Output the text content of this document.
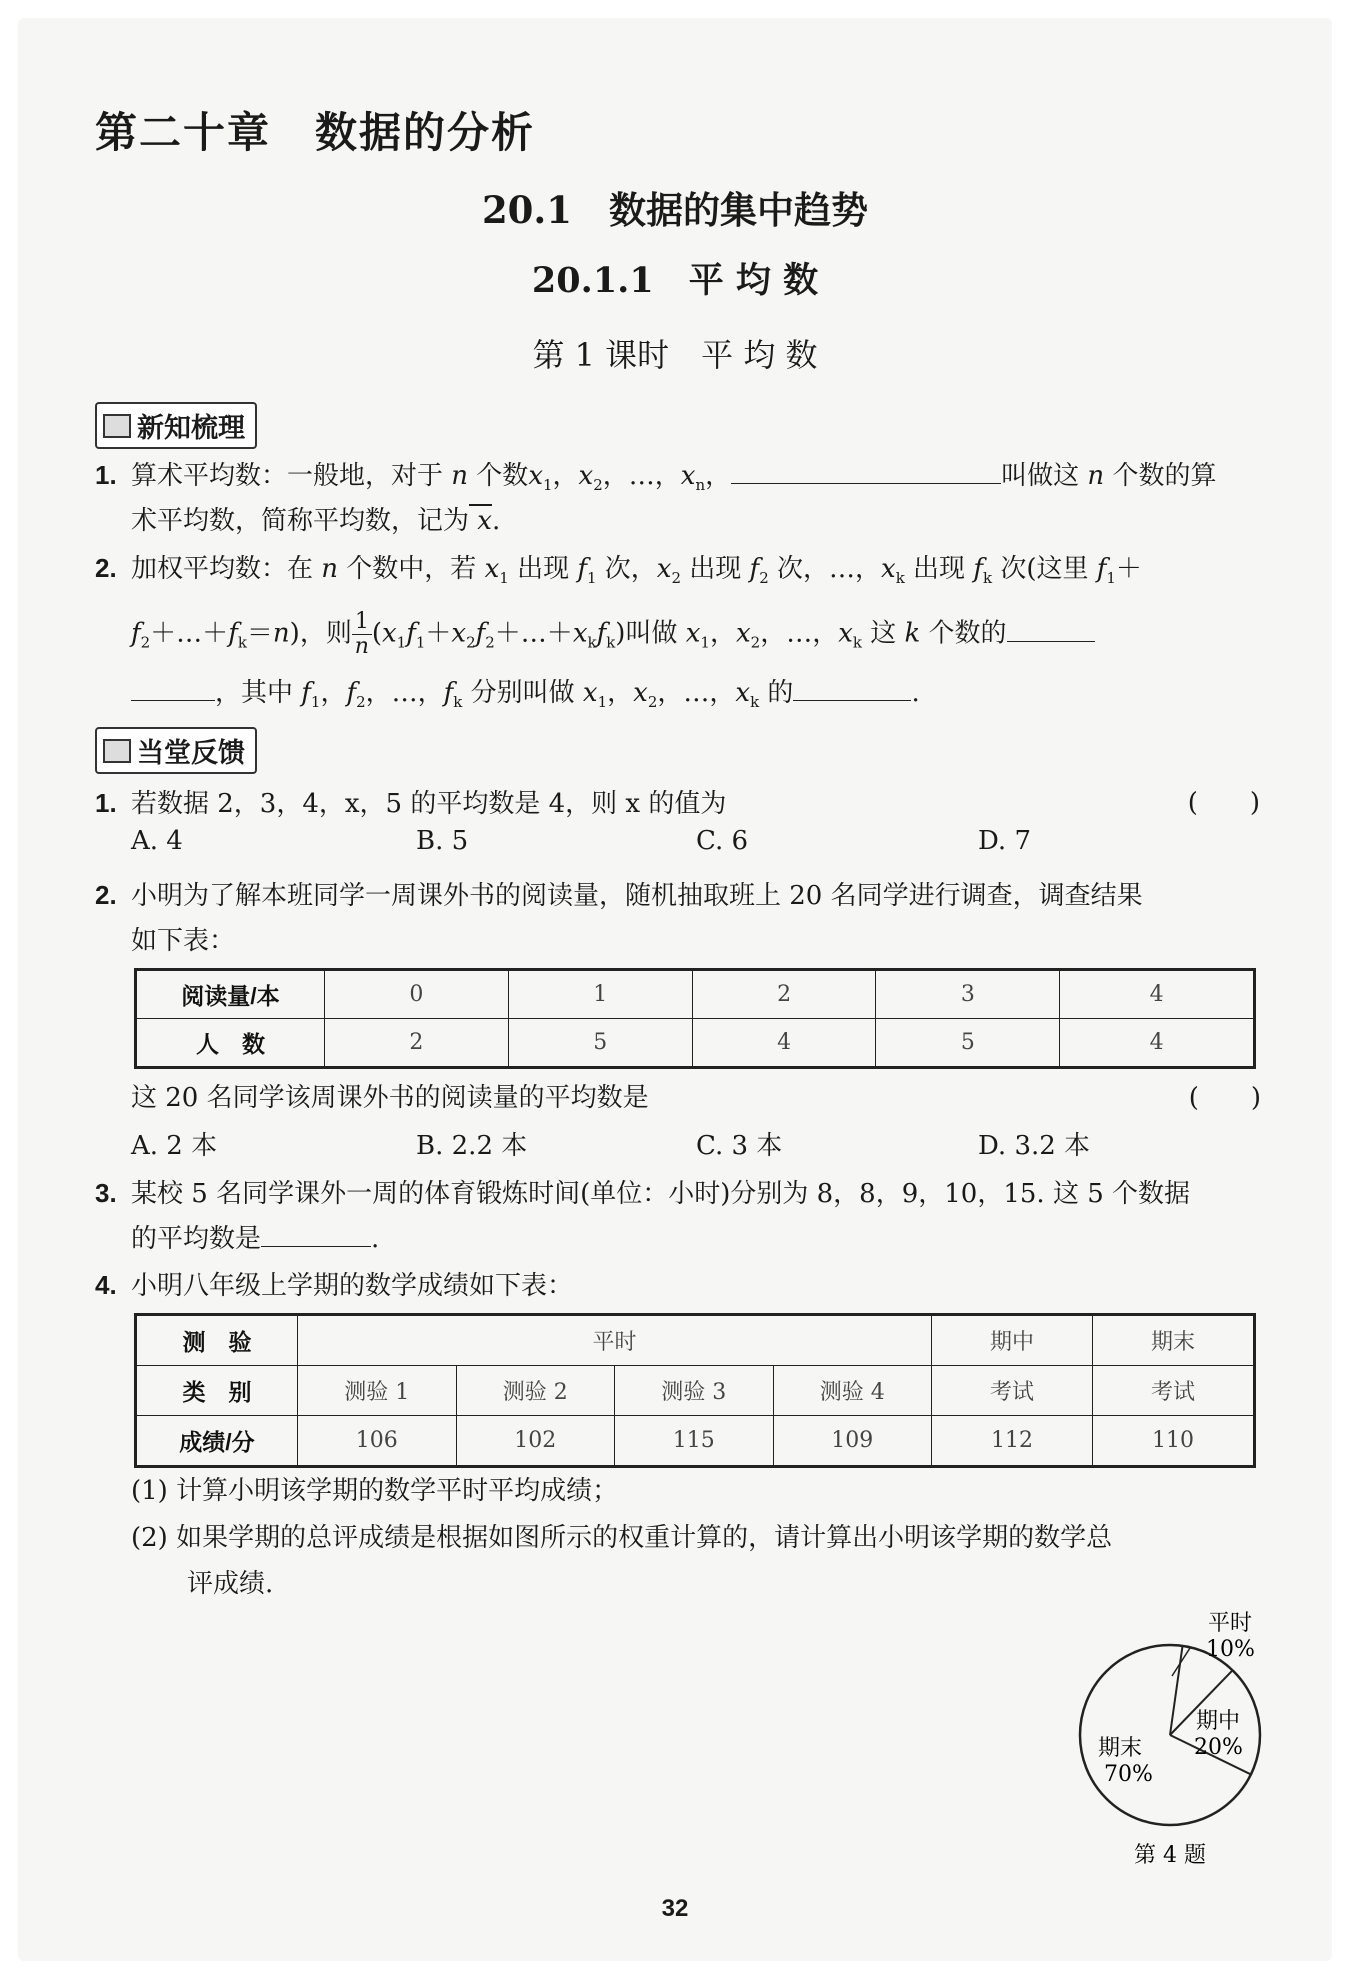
第二十章　数据的分析
20.1　数据的集中趋势
20.1.1　平 均 数
第 1 课时　平 均 数
新知梳理
1. 算术平均数：一般地，对于 n 个数$x_1$，$x_2$，…，$x_n$，	叫做这 n 个数的算
术平均数，简称平均数，记为 x.
2. 加权平均数：在 n 个数中，若 $x_1$ 出现 $f_1$ 次，$x_2$ 出现 $f_2$ 次，…，$x_k$ 出现 $f_k$ 次(这里 $f_1+$
$f_2+\dots+f_k=n$)，则 $\frac{1}{n}$ $(x_1f_1+x_2f_2+\dots+x_kf_k)$叫做 $x_1$，$x_2$，…，$x_k$ 这 k 个数的
，其中 $f_1$，$f_2$，…，$f_k$ 分别叫做 $x_1$，$x_2$，…，$x_k$ 的	.
当堂反馈
1. 若数据 2，3，4，x，5 的平均数是 4，则 x 的值为	(　　)
A. 4	B. 5	C. 6	D. 7
2. 小明为了解本班同学一周课外书的阅读量，随机抽取班上 20 名同学进行调查，调查结果
如下表：
阅读量/本	0	1	2	3	4
人　数	2	5	4	5	4
这 20 名同学该周课外书的阅读量的平均数是	(　　)
A. 2 本	B. 2.2 本	C. 3 本	D. 3.2 本
3. 某校 5 名同学课外一周的体育锻炼时间(单位：小时)分别为 8，8，9，10，15. 这 5 个数据
的平均数是	.
4. 小明八年级上学期的数学成绩如下表：
测　验	平时				期中	期末
类　别	测验 1	测验 2	测验 3	测验 4	考试	考试
成绩/分	106	102	115	109	112	110
(1) 计算小明该学期的数学平时平均成绩；
(2) 如果学期的总评成绩是根据如图所示的权重计算的，请计算出小明该学期的数学总
评成绩.
平时
10%
期中
20%
期末
70%
第 4 题
32
